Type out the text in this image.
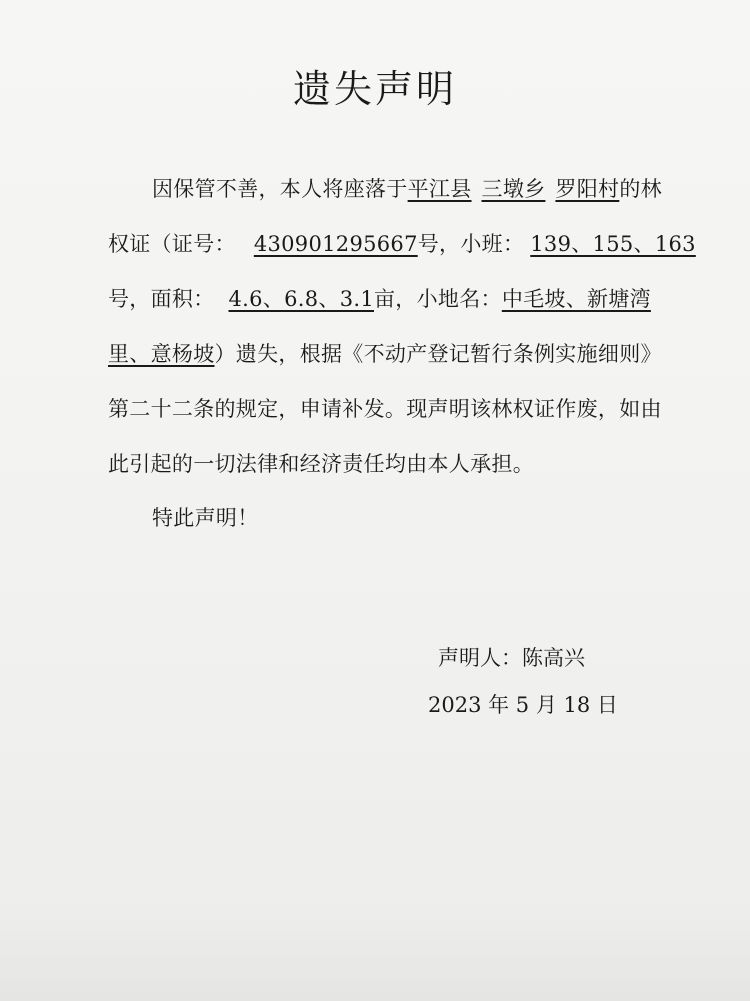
遗失声明
因保管不善，本人将座落于平江县 三墩乡 罗阳村的林
权证（证号： 430901295667号，小班： 139、155、163
号，面积： 4.6、6.8、3.1亩，小地名：中毛坡、新塘湾
里、意杨坡）遗失，根据《不动产登记暂行条例实施细则》
第二十二条的规定，申请补发。现声明该林权证作废，如由
此引起的一切法律和经济责任均由本人承担。
特此声明！
声明人：陈高兴
2023 年 5 月 18 日
